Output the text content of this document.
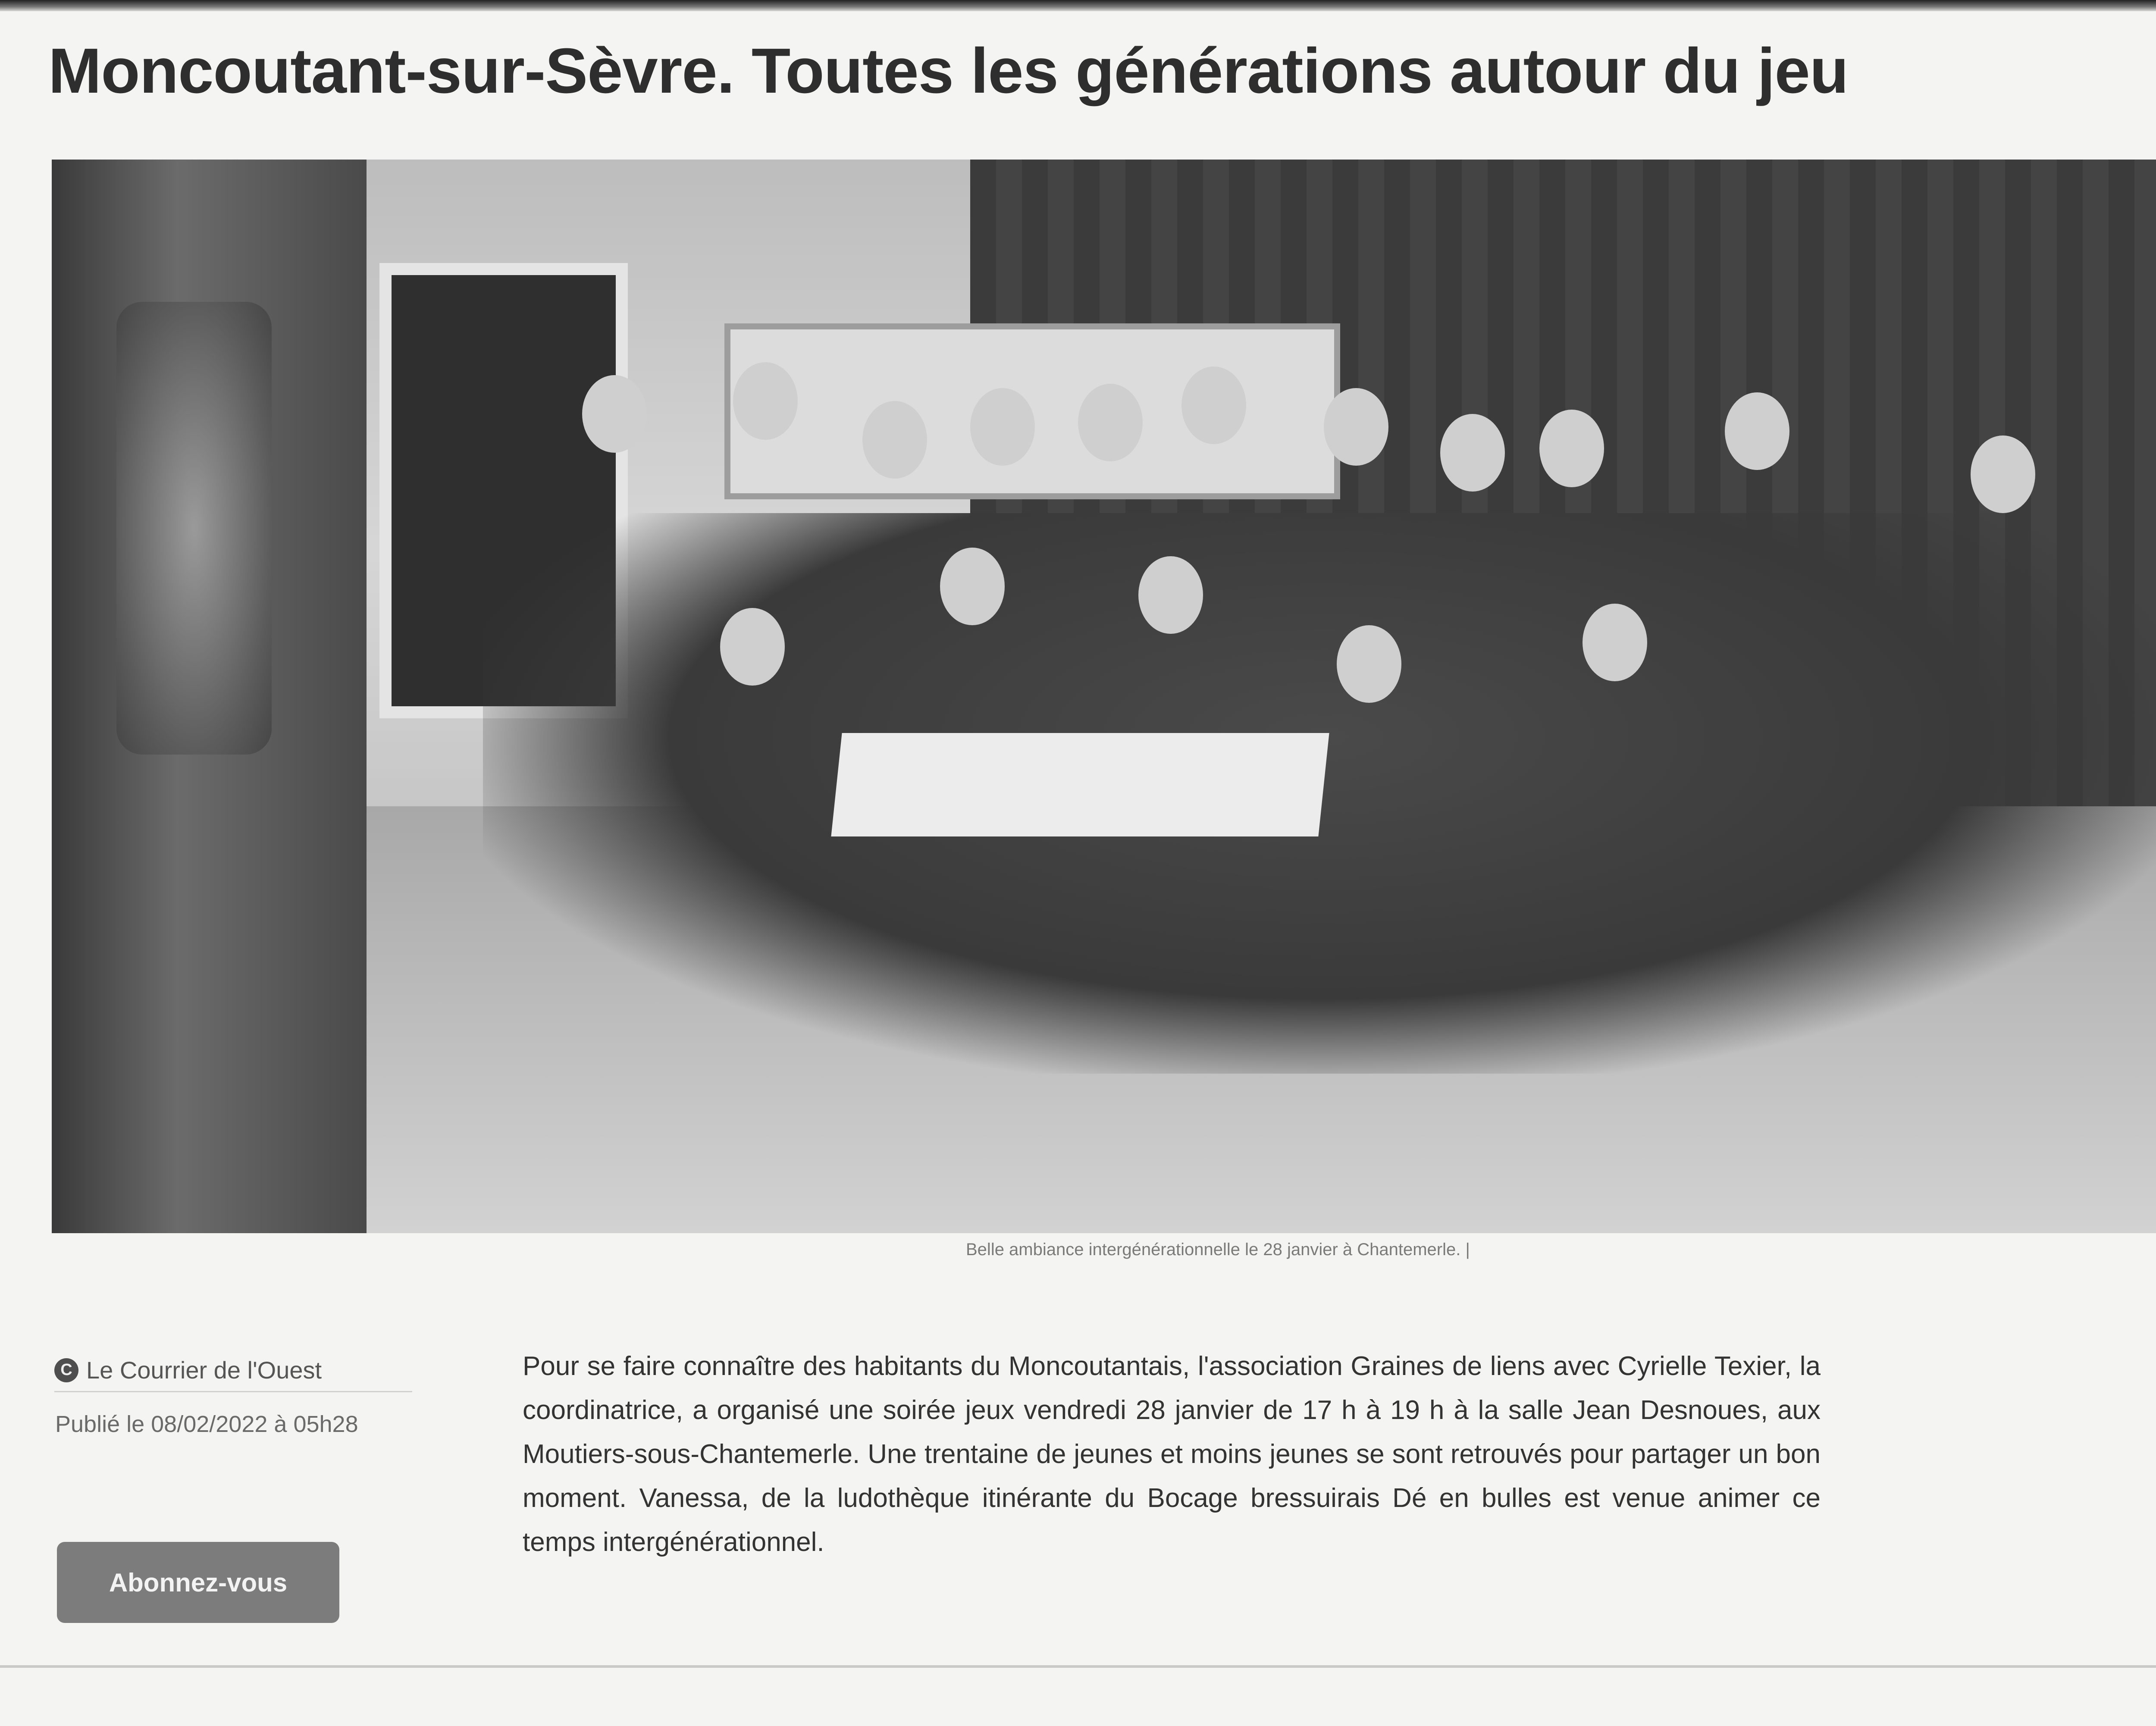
Moncoutant-sur-Sèvre. Toutes les générations autour du jeu
Belle ambiance intergénérationnelle le 28 janvier à Chantemerle. |
C Le Courrier de l'Ouest
Publié le 08/02/2022 à 05h28
Abonnez-vous

Pour se faire connaître des habitants du Moncoutantais, l'association Graines de liens avec Cyrielle Texier, la coordinatrice, a organisé une soirée jeux vendredi 28 janvier de 17 h à 19 h à la salle Jean Desnoues, aux Moutiers-sous-Chantemerle. Une trentaine de jeunes et moins jeunes se sont retrouvés pour partager un bon moment. Vanessa, de la ludothèque itinérante du Bocage bressuirais Dé en bulles est venue animer ce temps intergénérationnel.
